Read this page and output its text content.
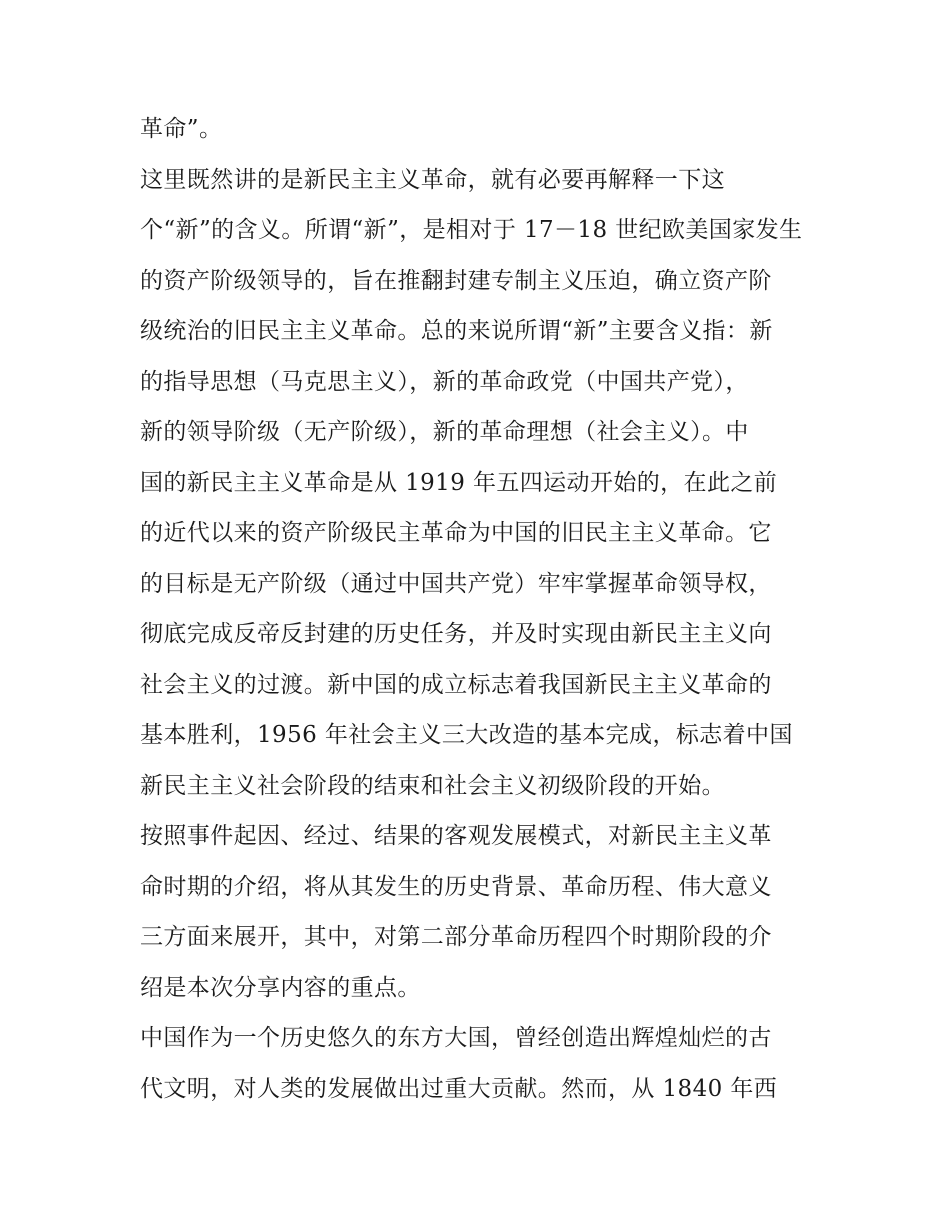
革命”。
这里既然讲的是新民主主义革命，就有必要再解释一下这
个“新”的含义。所谓“新”，是相对于 17－18 世纪欧美国家发生
的资产阶级领导的，旨在推翻封建专制主义压迫，确立资产阶
级统治的旧民主主义革命。总的来说所谓“新”主要含义指：新
的指导思想（马克思主义），新的革命政党（中国共产党），
新的领导阶级（无产阶级），新的革命理想（社会主义）。中
国的新民主主义革命是从 1919 年五四运动开始的，在此之前
的近代以来的资产阶级民主革命为中国的旧民主主义革命。它
的目标是无产阶级（通过中国共产党）牢牢掌握革命领导权，
彻底完成反帝反封建的历史任务，并及时实现由新民主主义向
社会主义的过渡。新中国的成立标志着我国新民主主义革命的
基本胜利，1956 年社会主义三大改造的基本完成，标志着中国
新民主主义社会阶段的结束和社会主义初级阶段的开始。
按照事件起因、经过、结果的客观发展模式，对新民主主义革
命时期的介绍，将从其发生的历史背景、革命历程、伟大意义
三方面来展开，其中，对第二部分革命历程四个时期阶段的介
绍是本次分享内容的重点。
中国作为一个历史悠久的东方大国，曾经创造出辉煌灿烂的古
代文明，对人类的发展做出过重大贡献。然而，从 1840 年西
